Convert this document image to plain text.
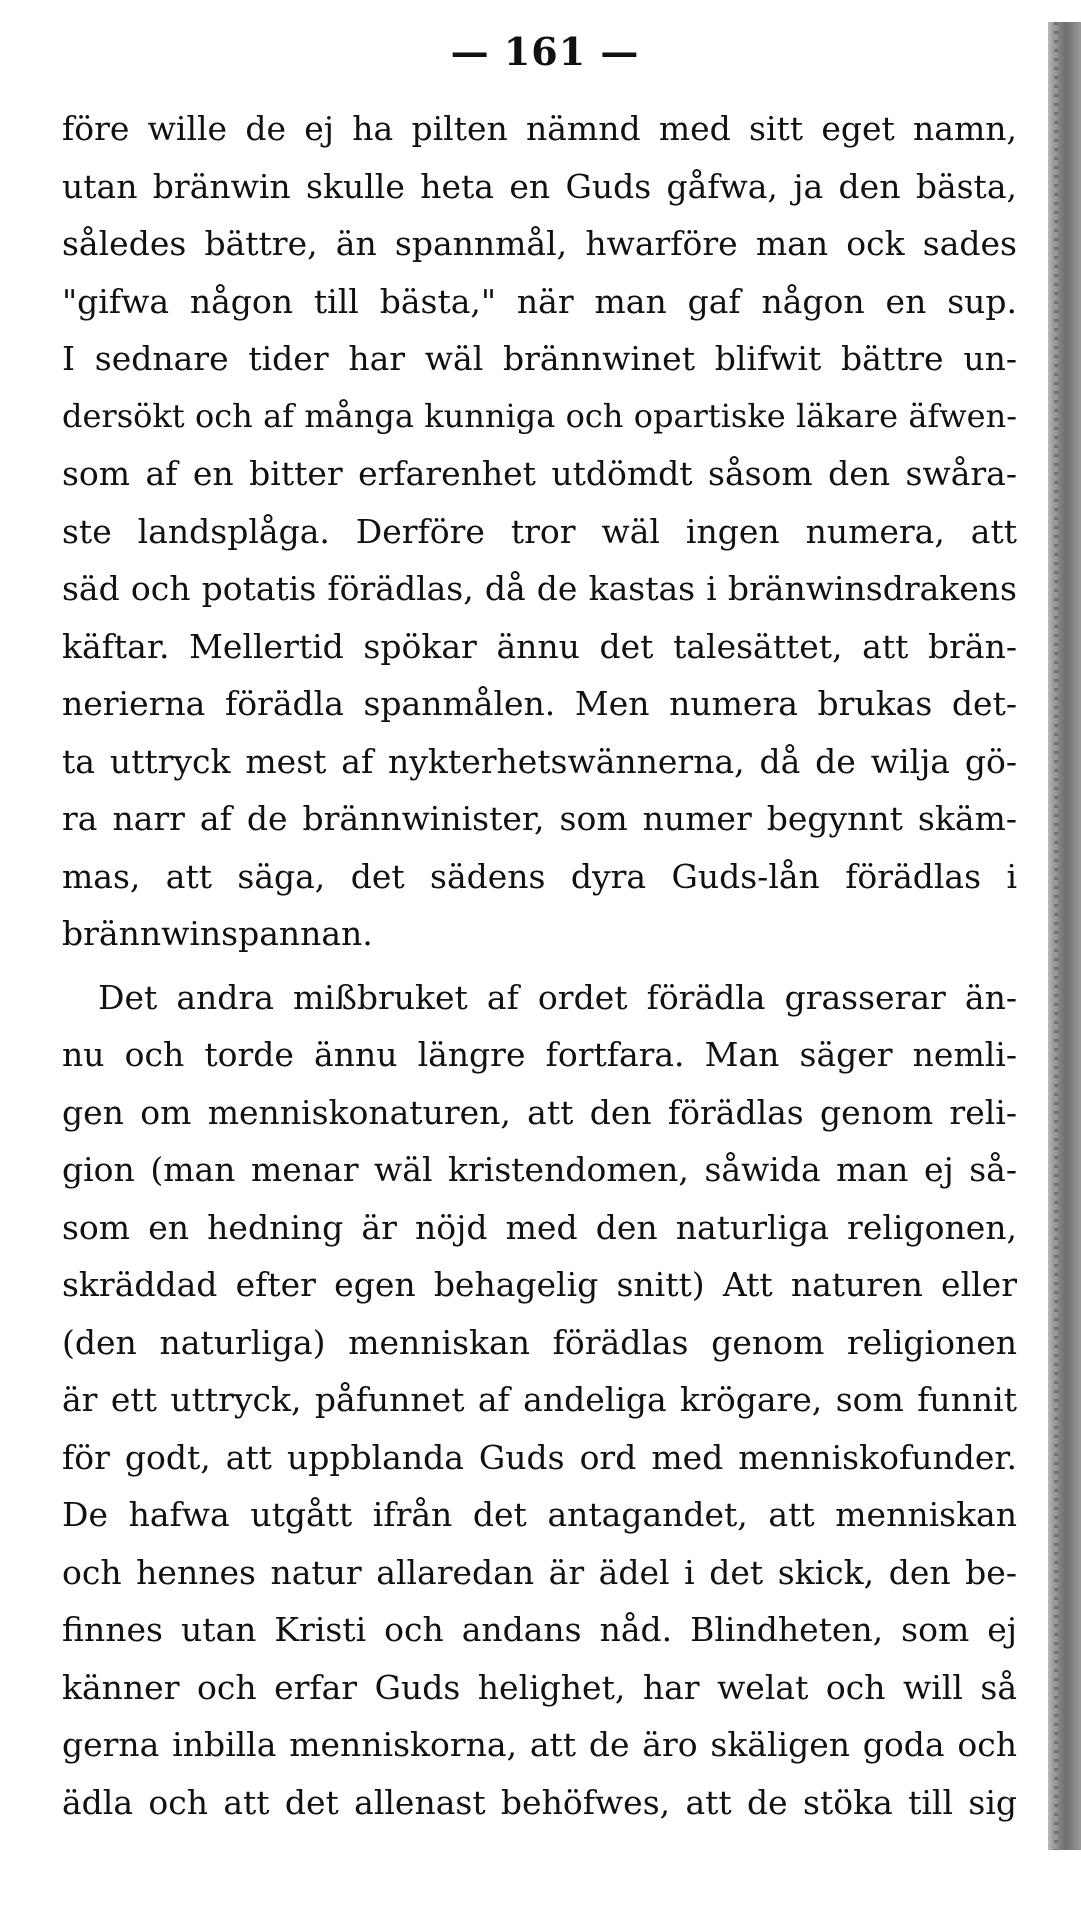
— 161 —
före wille de ej ha pilten nämnd med sitt eget namn,
utan bränwin skulle heta en Guds gåfwa, ja den bästa,
således bättre, än spannmål, hwarföre man ock sades
"gifwa någon till bästa," när man gaf någon en sup.
I sednare tider har wäl brännwinet blifwit bättre un-
dersökt och af många kunniga och opartiske läkare äfwen-
som af en bitter erfarenhet utdömdt såsom den swåra-
ste landsplåga. Derföre tror wäl ingen numera, att
säd och potatis förädlas, då de kastas i bränwinsdrakens
käftar. Mellertid spökar ännu det talesättet, att brän-
nerierna förädla spanmålen. Men numera brukas det-
ta uttryck mest af nykterhetswännerna, då de wilja gö-
ra narr af de brännwinister, som numer begynnt skäm-
mas, att säga, det sädens dyra Guds-lån förädlas i
brännwinspannan.
Det andra mißbruket af ordet förädla grasserar än-
nu och torde ännu längre fortfara. Man säger nemli-
gen om menniskonaturen, att den förädlas genom reli-
gion (man menar wäl kristendomen, såwida man ej så-
som en hedning är nöjd med den naturliga religonen,
skräddad efter egen behagelig snitt) Att naturen eller
(den naturliga) menniskan förädlas genom religionen
är ett uttryck, påfunnet af andeliga krögare, som funnit
för godt, att uppblanda Guds ord med menniskofunder.
De hafwa utgått ifrån det antagandet, att menniskan
och hennes natur allaredan är ädel i det skick, den be-
finnes utan Kristi och andans nåd. Blindheten, som ej
känner och erfar Guds helighet, har welat och will så
gerna inbilla menniskorna, att de äro skäligen goda och
ädla och att det allenast behöfwes, att de stöka till sig
